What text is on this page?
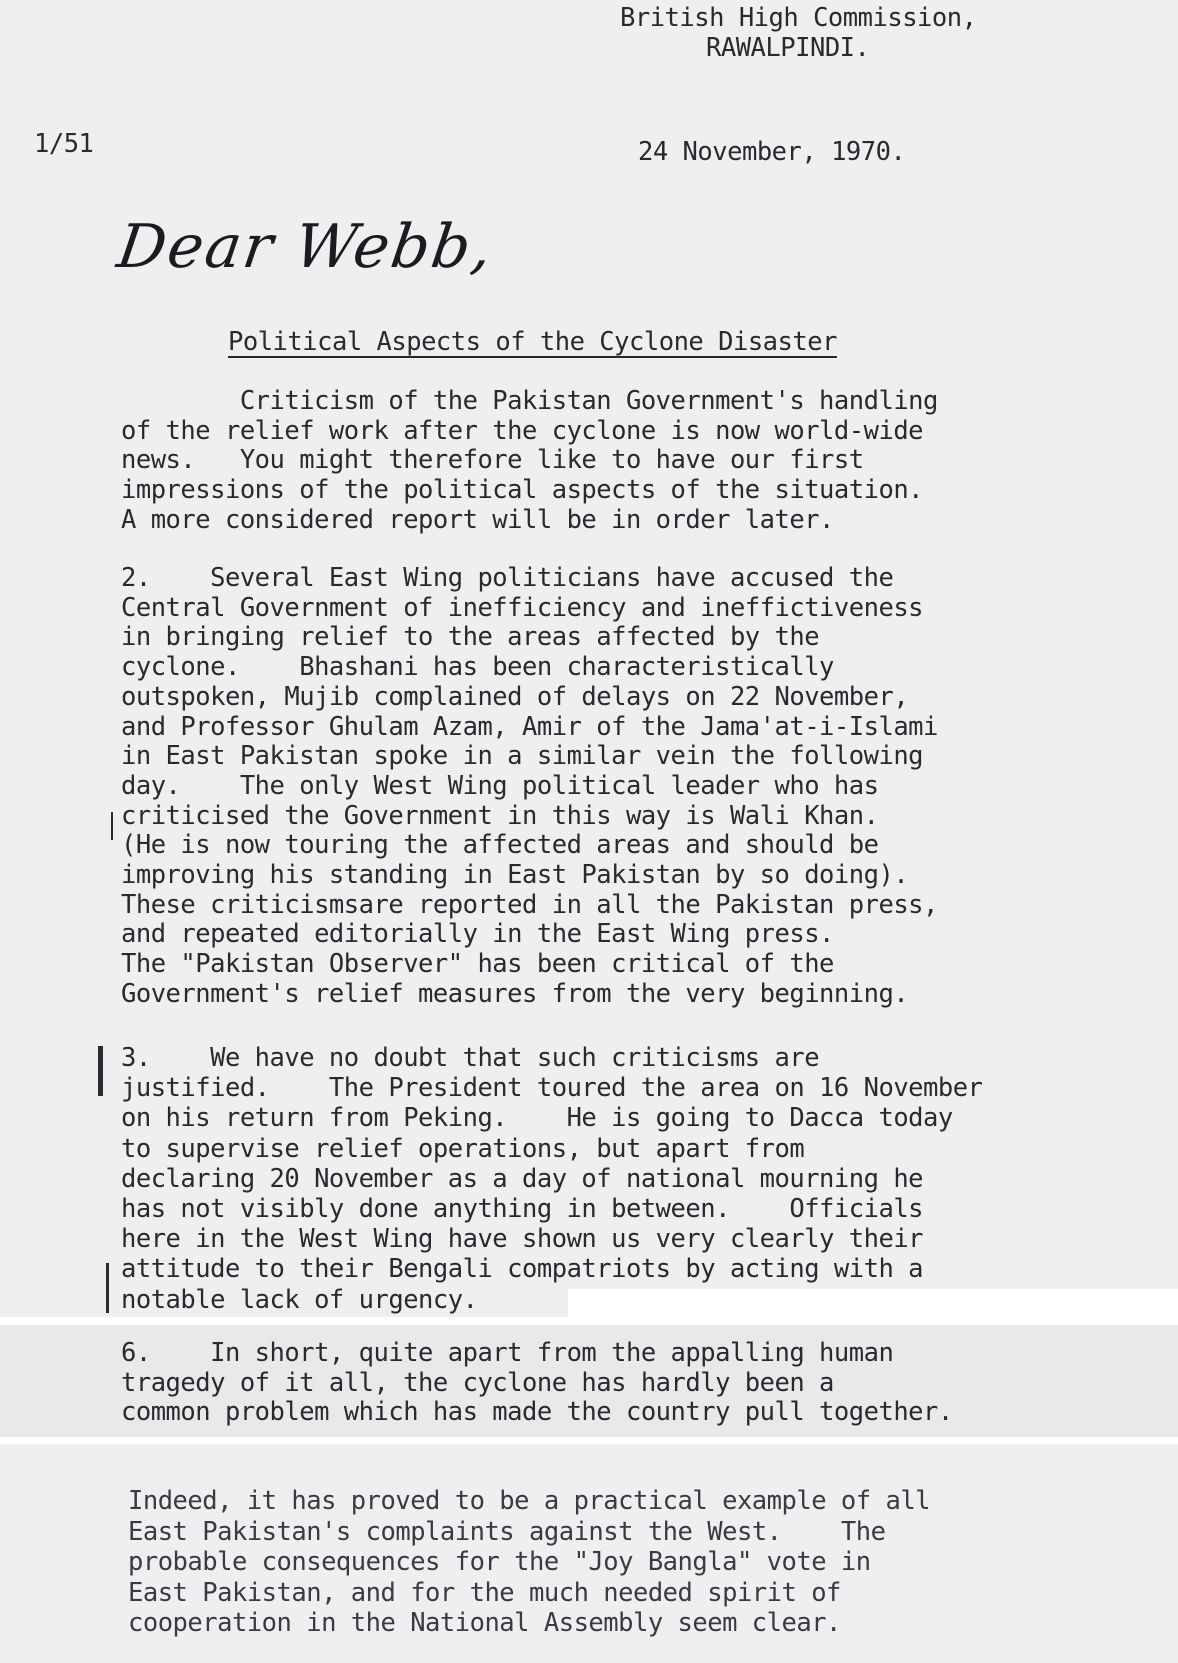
1/51
British High Commission,
RAWALPINDI.
24 November, 1970.
Dear Webb,
Political Aspects of the Cyclone Disaster
Criticism of the Pakistan Government's handling
of the relief work after the cyclone is now world-wide
news.   You might therefore like to have our first
impressions of the political aspects of the situation.
A more considered report will be in order later.
2.    Several East Wing politicians have accused the
Central Government of inefficiency and ineffictiveness
in bringing relief to the areas affected by the
cyclone.    Bhashani has been characteristically
outspoken, Mujib complained of delays on 22 November,
and Professor Ghulam Azam, Amir of the Jama'at-i-Islami
in East Pakistan spoke in a similar vein the following
day.    The only West Wing political leader who has
criticised the Government in this way is Wali Khan.
(He is now touring the affected areas and should be
improving his standing in East Pakistan by so doing).
These criticismsare reported in all the Pakistan press,
and repeated editorially in the East Wing press.
The "Pakistan Observer" has been critical of the
Government's relief measures from the very beginning.
3.    We have no doubt that such criticisms are
justified.    The President toured the area on 16 November
on his return from Peking.    He is going to Dacca today
to supervise relief operations, but apart from
declaring 20 November as a day of national mourning he
has not visibly done anything in between.    Officials
here in the West Wing have shown us very clearly their
attitude to their Bengali compatriots by acting with a
notable lack of urgency.
6.    In short, quite apart from the appalling human
tragedy of it all, the cyclone has hardly been a
common problem which has made the country pull together.
Indeed, it has proved to be a practical example of all
East Pakistan's complaints against the West.    The
probable consequences for the "Joy Bangla" vote in
East Pakistan, and for the much needed spirit of
cooperation in the National Assembly seem clear.
